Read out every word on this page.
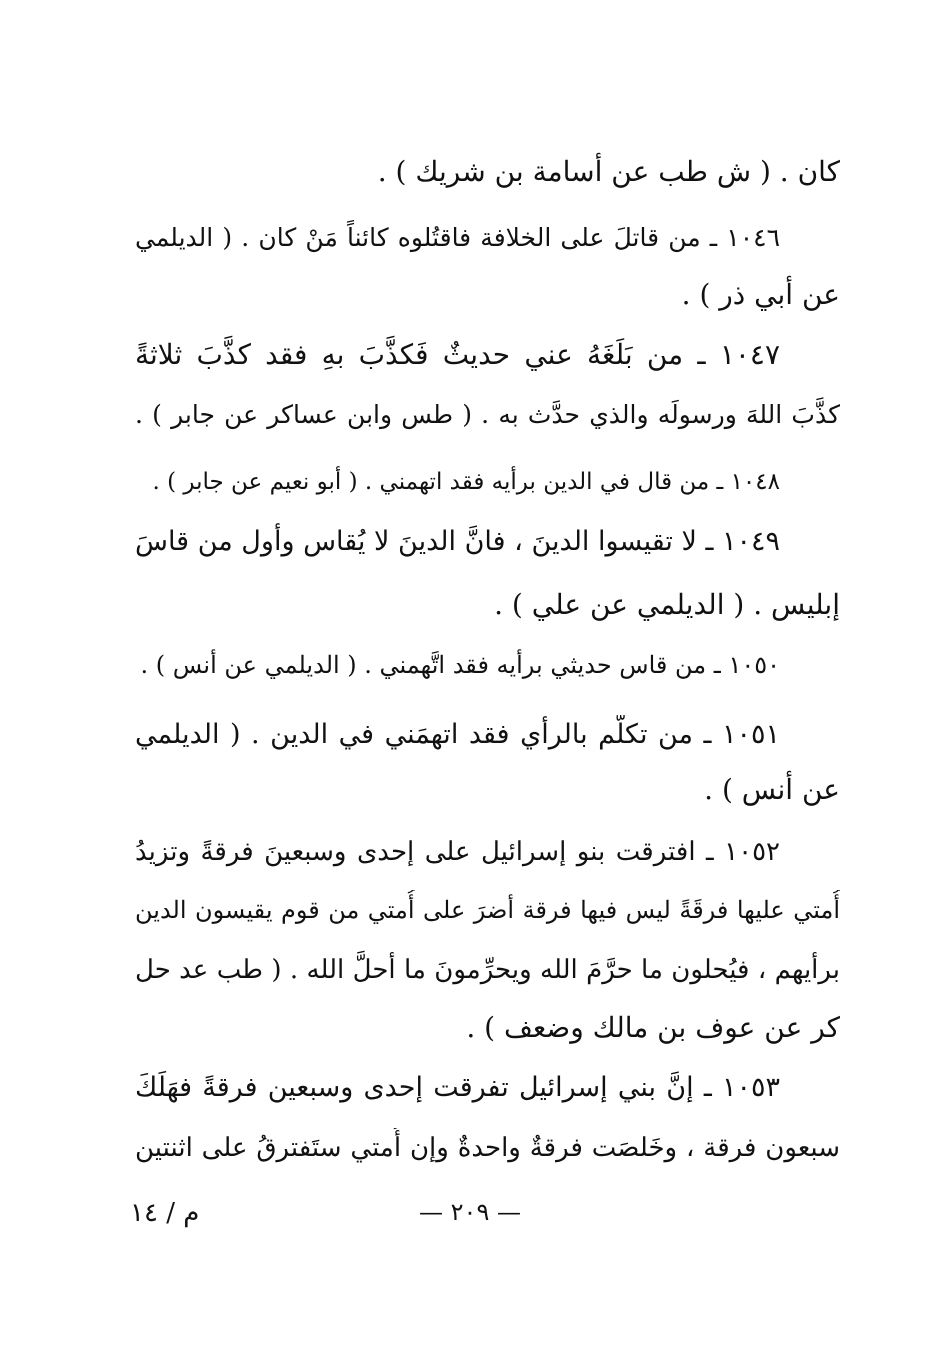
كان . ( ش طب عن أسامة بن شريك ) .
١٠٤٦ ـ من قاتلَ على الخلافة فاقتُلوه كائناً مَنْ كان . ( الديلمي
عن أبي ذر ) .
١٠٤٧ ـ من بَلَغَهُ عني حديثٌ فَكذَّبَ بهِ فقد كذَّبَ ثلاثةً
كذَّبَ اللهَ ورسولَه والذي حدَّث به . ( طس وابن عساكر عن جابر ) .
١٠٤٨ ـ من قال في الدين برأيه فقد اتهمني . ( أبو نعيم عن جابر ) .
١٠٤٩ ـ لا تقيسوا الدينَ ، فانَّ الدينَ لا يُقاس وأول من قاسَ
إبليس . ( الديلمي عن علي ) .
١٠٥٠ ـ من قاس حديثي برأيه فقد اتَّهمني . ( الديلمي عن أنس ) .
١٠٥١ ـ من تكلَّم بالرأي فقد اتهمَني في الدين . ( الديلمي
عن أنس ) .
١٠٥٢ ـ افترقت بنو إسرائيل على إحدى وسبعينَ فرقةً وتزيدُ
أُمتي عليها فرقَةً ليس فيها فرقة أضرَ على أُمتي من قوم يقيسون الدين
برأيهم ، فيُحلون ما حرَّمَ الله ويحرِّمونَ ما أحلَّ الله . ( طب عد حل
كر عن عوف بن مالك وضعف ) .
١٠٥٣ ـ إنَّ بني إسرائيل تفرقت إحدى وسبعين فرقةً فهَلَكَ
سبعون فرقة ، وخَلصَت فرقةٌ واحدةٌ وإن أُمتي ستَفترقُ على اثنتين
م / ١٤	— ٢٠٩ —
